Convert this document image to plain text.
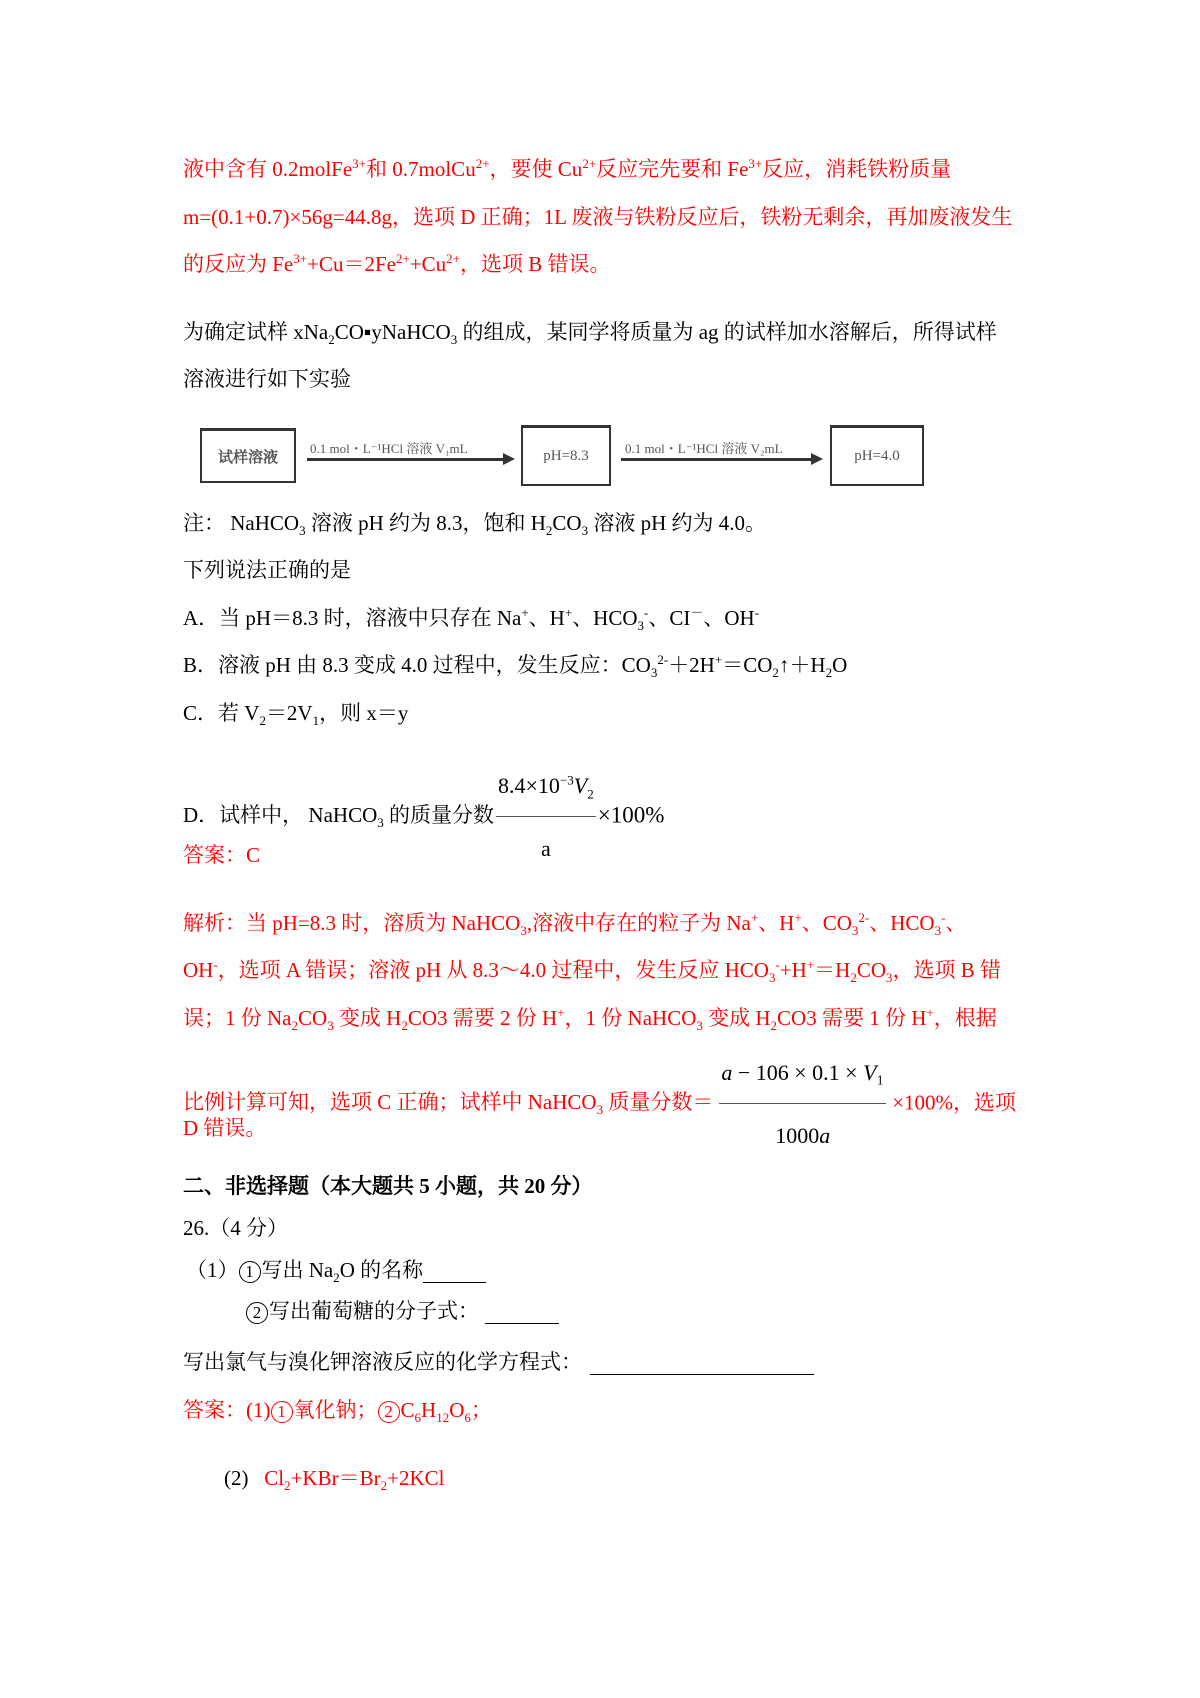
液中含有 0.2molFe$^{3+}$和 0.7molCu$^{2+}$，要使 $Cu^{2+}$反应完先要和 $Fe^{3+}$反应，消耗铁粉质量
m=(0.1+0.7)×56g=44.8g，选项 D 正确；1L 废液与铁粉反应后，铁粉无剩余，再加废液发生
的反应为 $Fe^{3+}+Cu=2Fe^{2+}+Cu^{2+}$，选项 B 错误。
为确定试样 xNa$_2$CO▪yNaHCO$_3$ 的组成，某同学将质量为 ag 的试样加水溶解后，所得试样
溶液进行如下实验
试样溶液
0.1 mol・L⁻¹HCl 溶液 V₁mL	pH=8.3	0.1 mol・L⁻¹HCl 溶液 V₂mL	pH=4.0
注： NaHCO$_3$ 溶液 pH 约为 8.3，饱和 $H_2CO_3$ 溶液 pH 约为 4.0。
下列说法正确的是
A．当 pH＝8.3 时，溶液中只存在 Na+、H+、$HCO_3^-$、CI－、OH-
B．溶液 pH 由 8.3 变成 4.0 过程中，发生反应：$CO_3^{2-}+2H^+=CO_2↑+H_2O$
C．若 $V_2=2V_1$，则 x＝y
D．试样中， NaHCO$_3$ 的质量分数 $\frac{8.4\times 10^{-3}V_2}{a} \times 100\%$
答案：C
解析：当 pH=8.3 时，溶质为 NaHCO$_3$,溶液中存在的粒子为 Na+、H+、$CO_3^{2-}$、$HCO_3^-$、
OH-，选项 A 错误；溶液 pH 从 8.3～4.0 过程中，发生反应 $HCO_3^-+H^+=H_2CO_3$，选项 B 错
误；1 份 $Na_2CO_3$ 变成 $H_2CO3$ 需要 2 份 H+，1 份 NaHCO$_3$ 变成 $H_2CO3$ 需要 1 份 H+，根据
比例计算可知，选项 C 正确；试样中 NaHCO$_3$ 质量分数＝ $\frac{\text{a − 106 × 0.1 × V₁}}{1000a} \times 100\%$，选项
D 错误。
二、非选择题（本大题共 5 小题，共 20 分）
26.（4 分）
（1） 1 写出 $Na_2O$ 的名称
2 写出葡萄糖的分子式：
写出氯气与溴化钾溶液反应的化学方程式：
答案：(1) 1 氧化钠； 2 $C_6H_{12}O_6$；
(2) $Cl_2+KBr=Br_2+2KCl$
